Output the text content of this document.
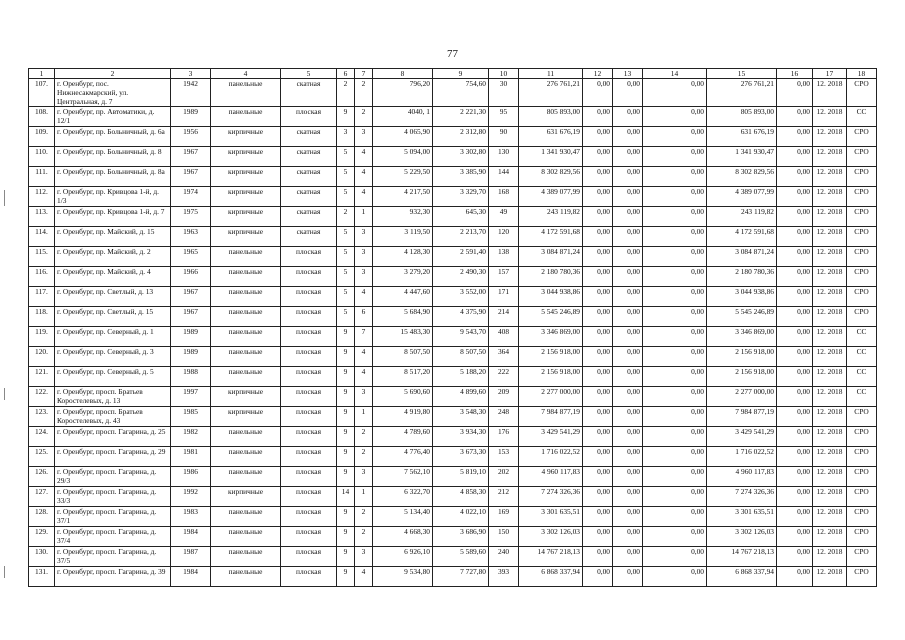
77
1	2	3	4	5	6	7	8	9	10	11	12	13	14	15	16	17	18
107.	г. Оренбург, пос. Нижнесакмарский, ул. Центральная, д. 7	1942	панельные	скатная	2	2	796,20	754,60	30	276 761,21	0,00	0,00	0,00	276 761,21	0,00	12. 2018	СРО
108.	г. Оренбург, пр. Автоматики, д. 12/1	1989	панельные	плоская	9	2	4040, 1	2 221,30	95	805 893,00	0,00	0,00	0,00	805 893,00	0,00	12. 2018	СС
109.	г. Оренбург, пр. Больничный, д. 6а	1956	кирпичные	скатная	3	3	4 065,90	2 312,80	90	631 676,19	0,00	0,00	0,00	631 676,19	0,00	12. 2018	СРО
110.	г. Оренбург, пр. Больничный, д. 8	1967	кирпичные	скатная	5	4	5 094,00	3 302,80	130	1 341 930,47	0,00	0,00	0,00	1 341 930,47	0,00	12. 2018	СРО
111.	г. Оренбург, пр. Больничный, д. 8а	1967	кирпичные	скатная	5	4	5 229,50	3 385,90	144	8 302 829,56	0,00	0,00	0,00	8 302 829,56	0,00	12. 2018	СРО
112.	г. Оренбург, пр. Кривцова 1-й, д. 1/3	1974	кирпичные	скатная	5	4	4 217,50	3 329,70	168	4 389 077,99	0,00	0,00	0,00	4 389 077,99	0,00	12. 2018	СРО
113.	г. Оренбург, пр. Кривцова 1-й, д. 7	1975	кирпичные	скатная	2	1	932,30	645,30	49	243 119,82	0,00	0,00	0,00	243 119,82	0,00	12. 2018	СРО
114.	г. Оренбург, пр. Майский, д. 15	1963	кирпичные	скатная	5	3	3 119,50	2 213,70	120	4 172 591,68	0,00	0,00	0,00	4 172 591,68	0,00	12. 2018	СРО
115.	г. Оренбург, пр. Майский, д. 2	1965	панельные	плоская	5	3	4 128,30	2 591,40	138	3 084 871,24	0,00	0,00	0,00	3 084 871,24	0,00	12. 2018	СРО
116.	г. Оренбург, пр. Майский, д. 4	1966	панельные	плоская	5	3	3 279,20	2 490,30	157	2 180 780,36	0,00	0,00	0,00	2 180 780,36	0,00	12. 2018	СРО
117.	г. Оренбург, пр. Светлый, д. 13	1967	панельные	плоская	5	4	4 447,60	3 552,00	171	3 044 938,86	0,00	0,00	0,00	3 044 938,86	0,00	12. 2018	СРО
118.	г. Оренбург, пр. Светлый, д. 15	1967	панельные	плоская	5	6	5 684,90	4 375,90	214	5 545 246,89	0,00	0,00	0,00	5 545 246,89	0,00	12. 2018	СРО
119.	г. Оренбург, пр. Северный, д. 1	1989	панельные	плоская	9	7	15 483,30	9 543,70	408	3 346 869,00	0,00	0,00	0,00	3 346 869,00	0,00	12. 2018	СС
120.	г. Оренбург, пр. Северный, д. 3	1989	панельные	плоская	9	4	8 507,50	8 507,50	364	2 156 918,00	0,00	0,00	0,00	2 156 918,00	0,00	12. 2018	СС
121.	г. Оренбург, пр. Северный, д. 5	1988	панельные	плоская	9	4	8 517,20	5 188,20	222	2 156 918,00	0,00	0,00	0,00	2 156 918,00	0,00	12. 2018	СС
122.	г. Оренбург, просп. Братьев Коростелевых, д. 13	1997	кирпичные	плоская	9	3	5 690,60	4 899,60	209	2 277 000,00	0,00	0,00	0,00	2 277 000,00	0,00	12. 2018	СС
123.	г. Оренбург, просп. Братьев Коростелевых, д. 43	1985	кирпичные	плоская	9	1	4 919,80	3 548,30	248	7 984 877,19	0,00	0,00	0,00	7 984 877,19	0,00	12. 2018	СРО
124.	г. Оренбург, просп. Гагарина, д. 25	1982	панельные	плоская	9	2	4 789,60	3 934,30	176	3 429 541,29	0,00	0,00	0,00	3 429 541,29	0,00	12. 2018	СРО
125.	г. Оренбург, просп. Гагарина, д. 29	1981	панельные	плоская	9	2	4 776,40	3 673,30	153	1 716 022,52	0,00	0,00	0,00	1 716 022,52	0,00	12. 2018	СРО
126.	г. Оренбург, просп. Гагарина, д. 29/3	1986	панельные	плоская	9	3	7 562,10	5 819,10	202	4 960 117,83	0,00	0,00	0,00	4 960 117,83	0,00	12. 2018	СРО
127.	г. Оренбург, просп. Гагарина, д. 33/3	1992	кирпичные	плоская	14	1	6 322,70	4 858,30	212	7 274 326,36	0,00	0,00	0,00	7 274 326,36	0,00	12. 2018	СРО
128.	г. Оренбург, просп. Гагарина, д. 37/1	1983	панельные	плоская	9	2	5 134,40	4 022,10	169	3 301 635,51	0,00	0,00	0,00	3 301 635,51	0,00	12. 2018	СРО
129.	г. Оренбург, просп. Гагарина, д. 37/4	1984	панельные	плоская	9	2	4 668,30	3 686,90	150	3 302 126,03	0,00	0,00	0,00	3 302 126,03	0,00	12. 2018	СРО
130.	г. Оренбург, просп. Гагарина, д. 37/5	1987	панельные	плоская	9	3	6 926,10	5 589,60	240	14 767 218,13	0,00	0,00	0,00	14 767 218,13	0,00	12. 2018	СРО
131.	г. Оренбург, просп. Гагарина, д. 39	1984	панельные	плоская	9	4	9 534,80	7 727,80	393	6 868 337,94	0,00	0,00	0,00	6 868 337,94	0,00	12. 2018	СРО
